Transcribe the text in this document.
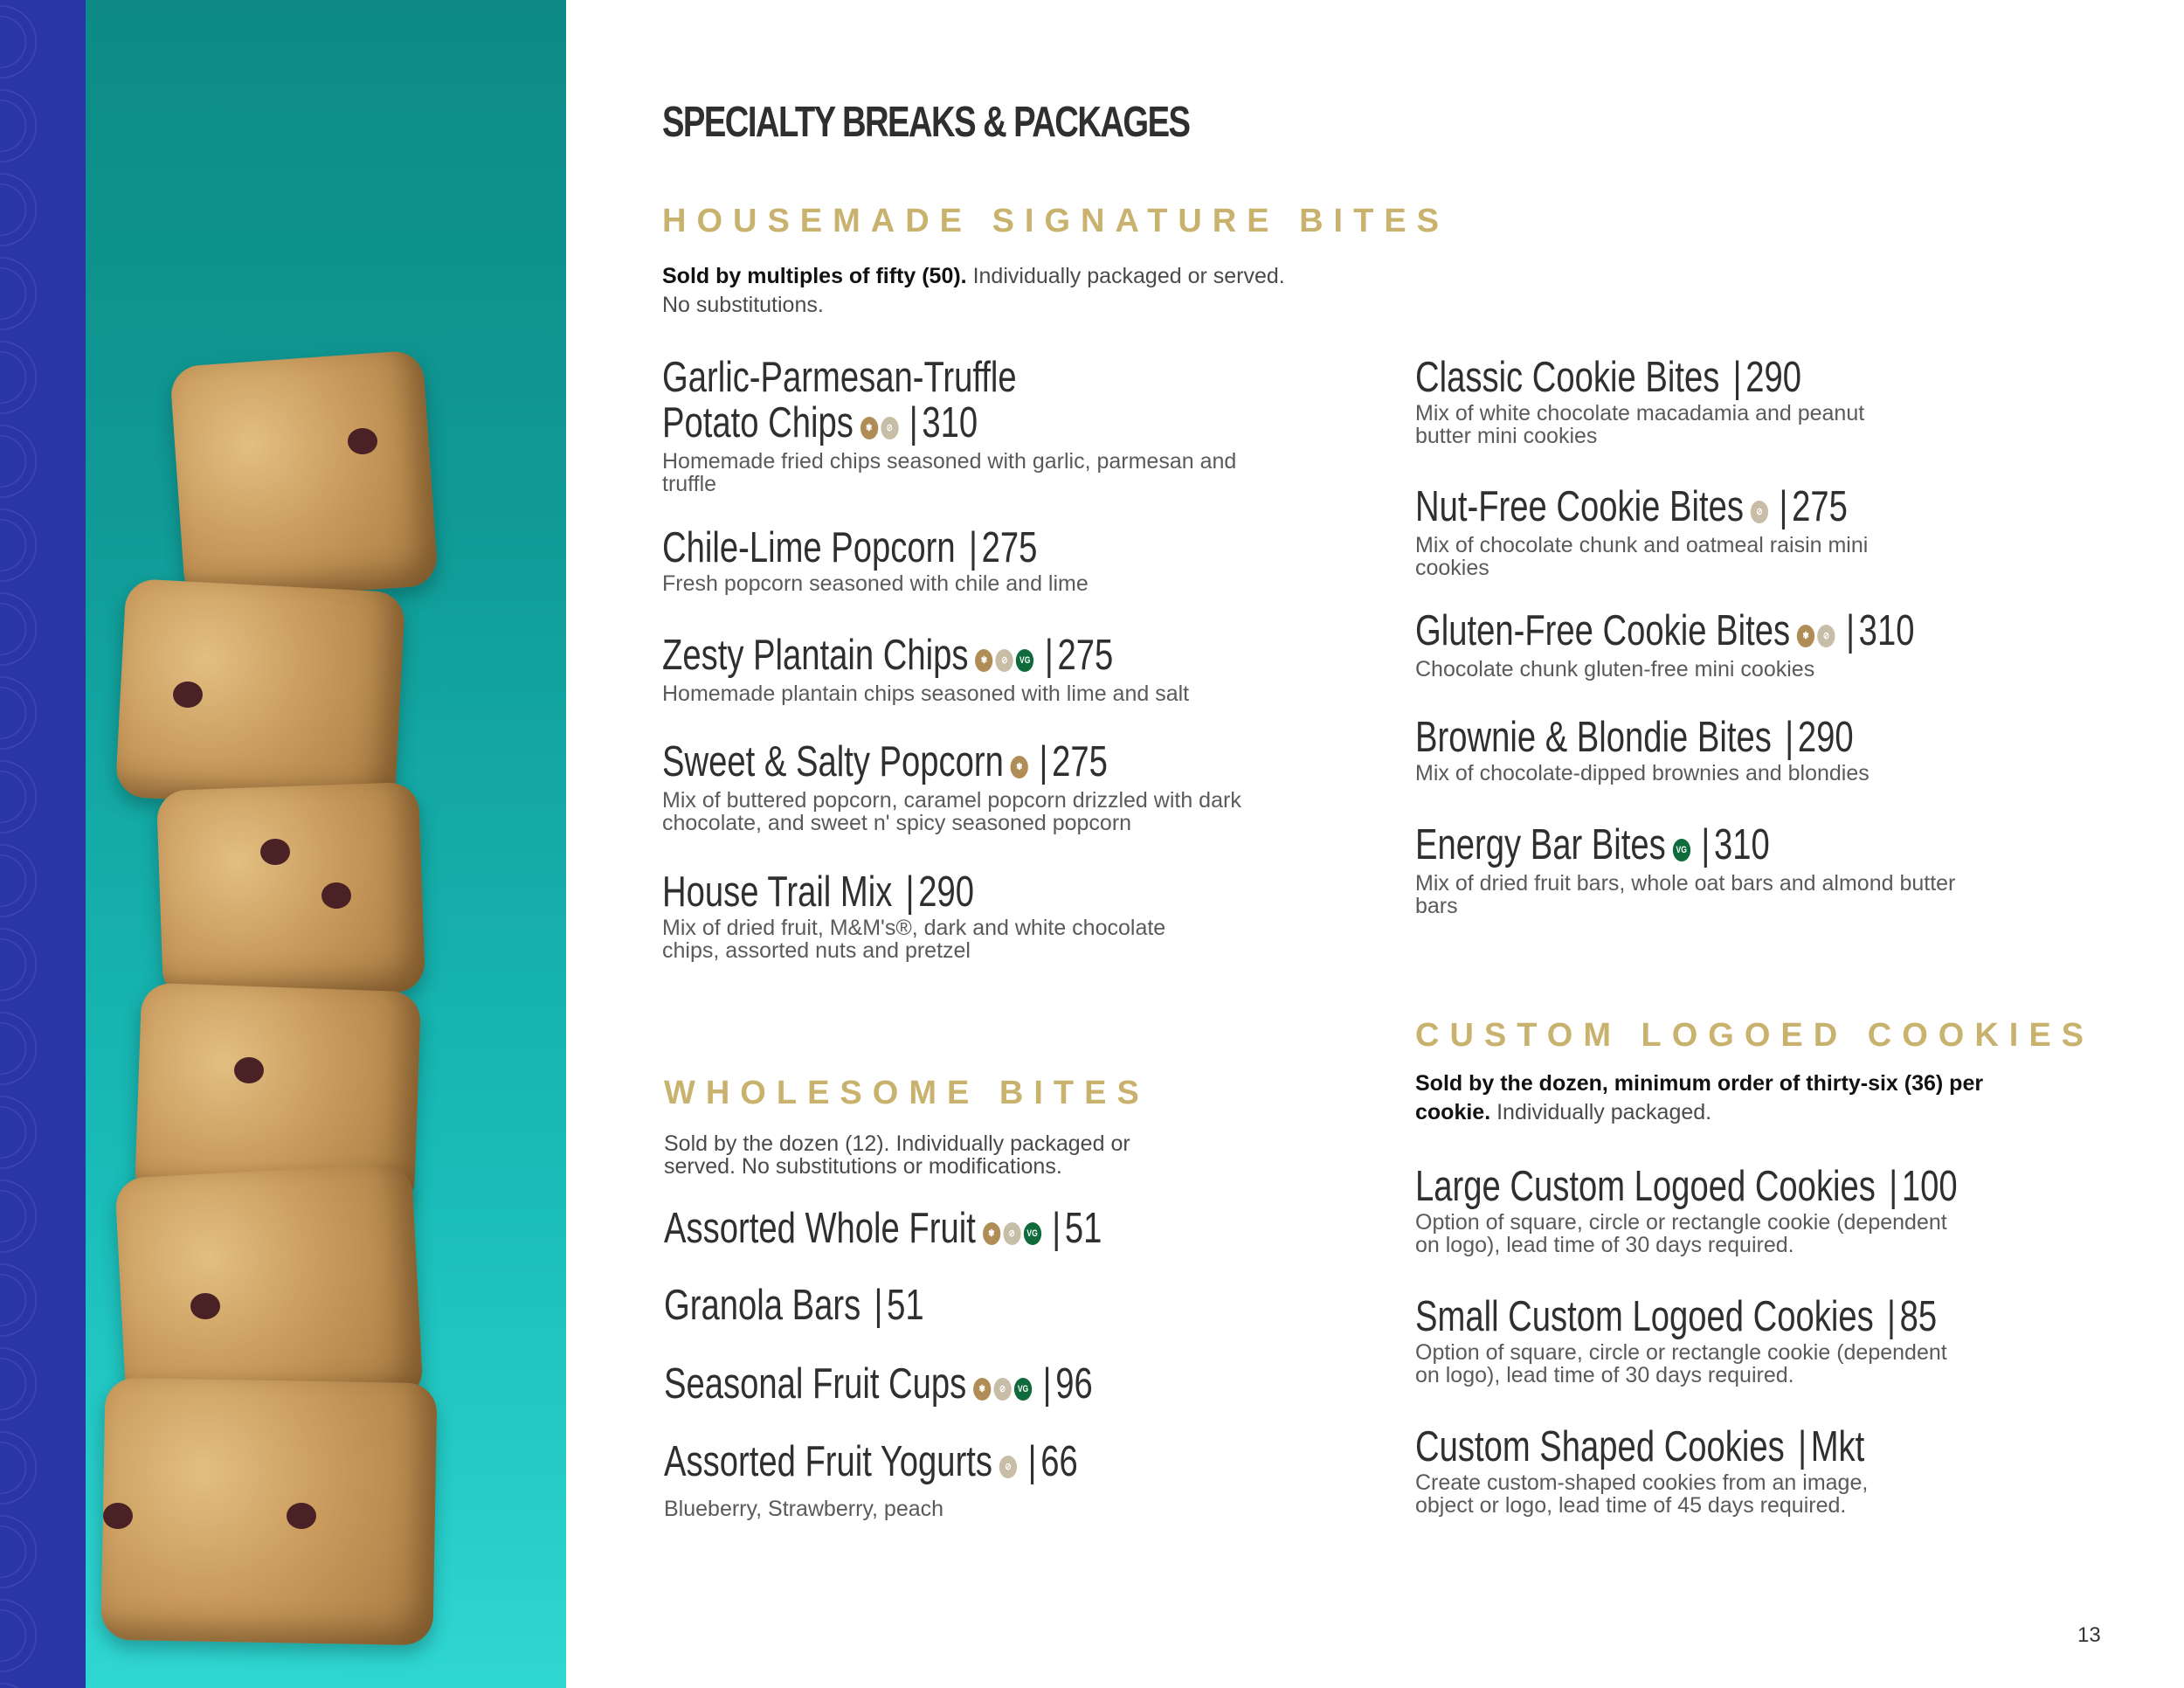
SPECIALTY BREAKS & PACKAGES
HOUSEMADE SIGNATURE BITES
Sold by multiples of fifty (50). Individually packaged or served. No substitutions.
Garlic-Parmesan-Truffle
Potato Chips ✾ ⊘ |310
Homemade fried chips seasoned with garlic, parmesan and truffle
Chile-Lime Popcorn |275
Fresh popcorn seasoned with chile and lime
Zesty Plantain Chips ✾ ⊘ VG |275
Homemade plantain chips seasoned with lime and salt
Sweet & Salty Popcorn ✾ |275
Mix of buttered popcorn, caramel popcorn drizzled with dark chocolate, and sweet n' spicy seasoned popcorn
House Trail Mix |290
Mix of dried fruit, M&M's®, dark and white chocolate chips, assorted nuts and pretzel
Classic Cookie Bites |290
Mix of white chocolate macadamia and peanut butter mini cookies
Nut-Free Cookie Bites ⊘ |275
Mix of chocolate chunk and oatmeal raisin mini cookies
Gluten-Free Cookie Bites ✾ ⊘ |310
Chocolate chunk gluten-free mini cookies
Brownie & Blondie Bites |290
Mix of chocolate-dipped brownies and blondies
Energy Bar Bites VG |310
Mix of dried fruit bars, whole oat bars and almond butter bars
WHOLESOME BITES
Sold by the dozen (12). Individually packaged or served. No substitutions or modifications.
Assorted Whole Fruit ✾ ⊘ VG |51
Granola Bars |51
Seasonal Fruit Cups ✾ ⊘ VG |96
Assorted Fruit Yogurts ⊘ |66
Blueberry, Strawberry, peach
CUSTOM LOGOED COOKIES
Sold by the dozen, minimum order of thirty-six (36) per cookie. Individually packaged.
Large Custom Logoed Cookies |100
Option of square, circle or rectangle cookie (dependent on logo), lead time of 30 days required.
Small Custom Logoed Cookies |85
Option of square, circle or rectangle cookie (dependent on logo), lead time of 30 days required.
Custom Shaped Cookies |Mkt
Create custom-shaped cookies from an image, object or logo, lead time of 45 days required.
13
